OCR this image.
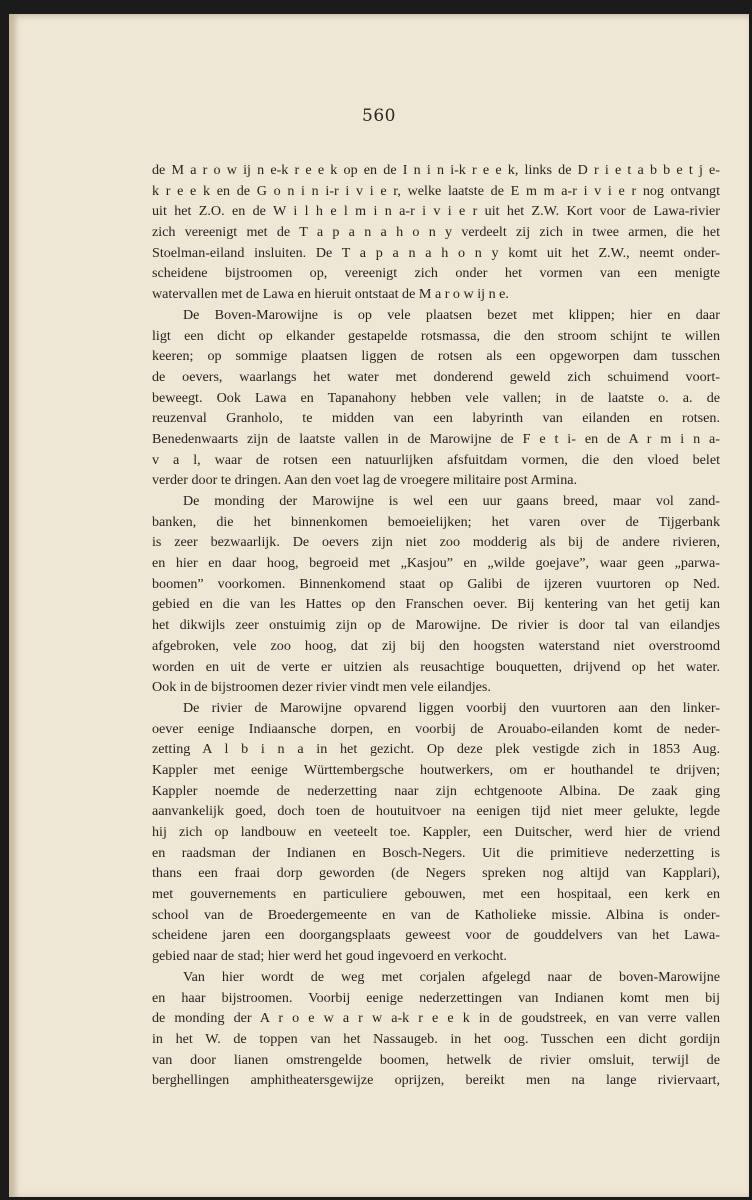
560
de M a r o w ij n e-k r e e k op en de I n i n i-k r e e k, links de D r i e t a b b e t j e-
k r e e k en de G o n i n i-r i v i e r, welke laatste de E m m a-r i v i e r nog ontvangt
uit het Z.O. en de W i l h e l m i n a-r i v i e r uit het Z.W. Kort voor de Lawa-rivier
zich vereenigt met de T a p a n a h o n y verdeelt zij zich in twee armen, die het
Stoelman-eiland insluiten. De T a p a n a h o n y komt uit het Z.W., neemt onder-
scheidene bijstroomen op, vereenigt zich onder het vormen van een menigte
watervallen met de Lawa en hieruit ontstaat de M a r o w ij n e.
De Boven-Marowijne is op vele plaatsen bezet met klippen; hier en daar
ligt een dicht op elkander gestapelde rotsmassa, die den stroom schijnt te willen
keeren; op sommige plaatsen liggen de rotsen als een opgeworpen dam tusschen
de oevers, waarlangs het water met donderend geweld zich schuimend voort-
beweegt. Ook Lawa en Tapanahony hebben vele vallen; in de laatste o. a. de
reuzenval Granholo, te midden van een labyrinth van eilanden en rotsen.
Benedenwaarts zijn de laatste vallen in de Marowijne de F e t i- en de A r m i n a-
v a l, waar de rotsen een natuurlijken afsfuitdam vormen, die den vloed belet
verder door te dringen. Aan den voet lag de vroegere militaire post Armina.
De monding der Marowijne is wel een uur gaans breed, maar vol zand-
banken, die het binnenkomen bemoeielijken; het varen over de Tijgerbank
is zeer bezwaarlijk. De oevers zijn niet zoo modderig als bij de andere rivieren,
en hier en daar hoog, begroeid met „Kasjou” en „wilde goejave”, waar geen „parwa-
boomen” voorkomen. Binnenkomend staat op Galibi de ijzeren vuurtoren op Ned.
gebied en die van les Hattes op den Franschen oever. Bij kentering van het getij kan
het dikwijls zeer onstuimig zijn op de Marowijne. De rivier is door tal van eilandjes
afgebroken, vele zoo hoog, dat zij bij den hoogsten waterstand niet overstroomd
worden en uit de verte er uitzien als reusachtige bouquetten, drijvend op het water.
Ook in de bijstroomen dezer rivier vindt men vele eilandjes.
De rivier de Marowijne opvarend liggen voorbij den vuurtoren aan den linker-
oever eenige Indiaansche dorpen, en voorbij de Arouabo-eilanden komt de neder-
zetting A l b i n a in het gezicht. Op deze plek vestigde zich in 1853 Aug.
Kappler met eenige Württembergsche houtwerkers, om er houthandel te drijven;
Kappler noemde de nederzetting naar zijn echtgenoote Albina. De zaak ging
aanvankelijk goed, doch toen de houtuitvoer na eenigen tijd niet meer gelukte, legde
hij zich op landbouw en veeteelt toe. Kappler, een Duitscher, werd hier de vriend
en raadsman der Indianen en Bosch-Negers. Uit die primitieve nederzetting is
thans een fraai dorp geworden (de Negers spreken nog altijd van Kapplari),
met gouvernements en particuliere gebouwen, met een hospitaal, een kerk en
school van de Broedergemeente en van de Katholieke missie. Albina is onder-
scheidene jaren een doorgangsplaats geweest voor de gouddelvers van het Lawa-
gebied naar de stad; hier werd het goud ingevoerd en verkocht.
Van hier wordt de weg met corjalen afgelegd naar de boven-Marowijne
en haar bijstroomen. Voorbij eenige nederzettingen van Indianen komt men bij
de monding der A r o e w a r w a-k r e e k in de goudstreek, en van verre vallen
in het W. de toppen van het Nassaugeb. in het oog. Tusschen een dicht gordijn
van door lianen omstrengelde boomen, hetwelk de rivier omsluit, terwijl de
berghellingen amphitheatersgewijze oprijzen, bereikt men na lange riviervaart,
